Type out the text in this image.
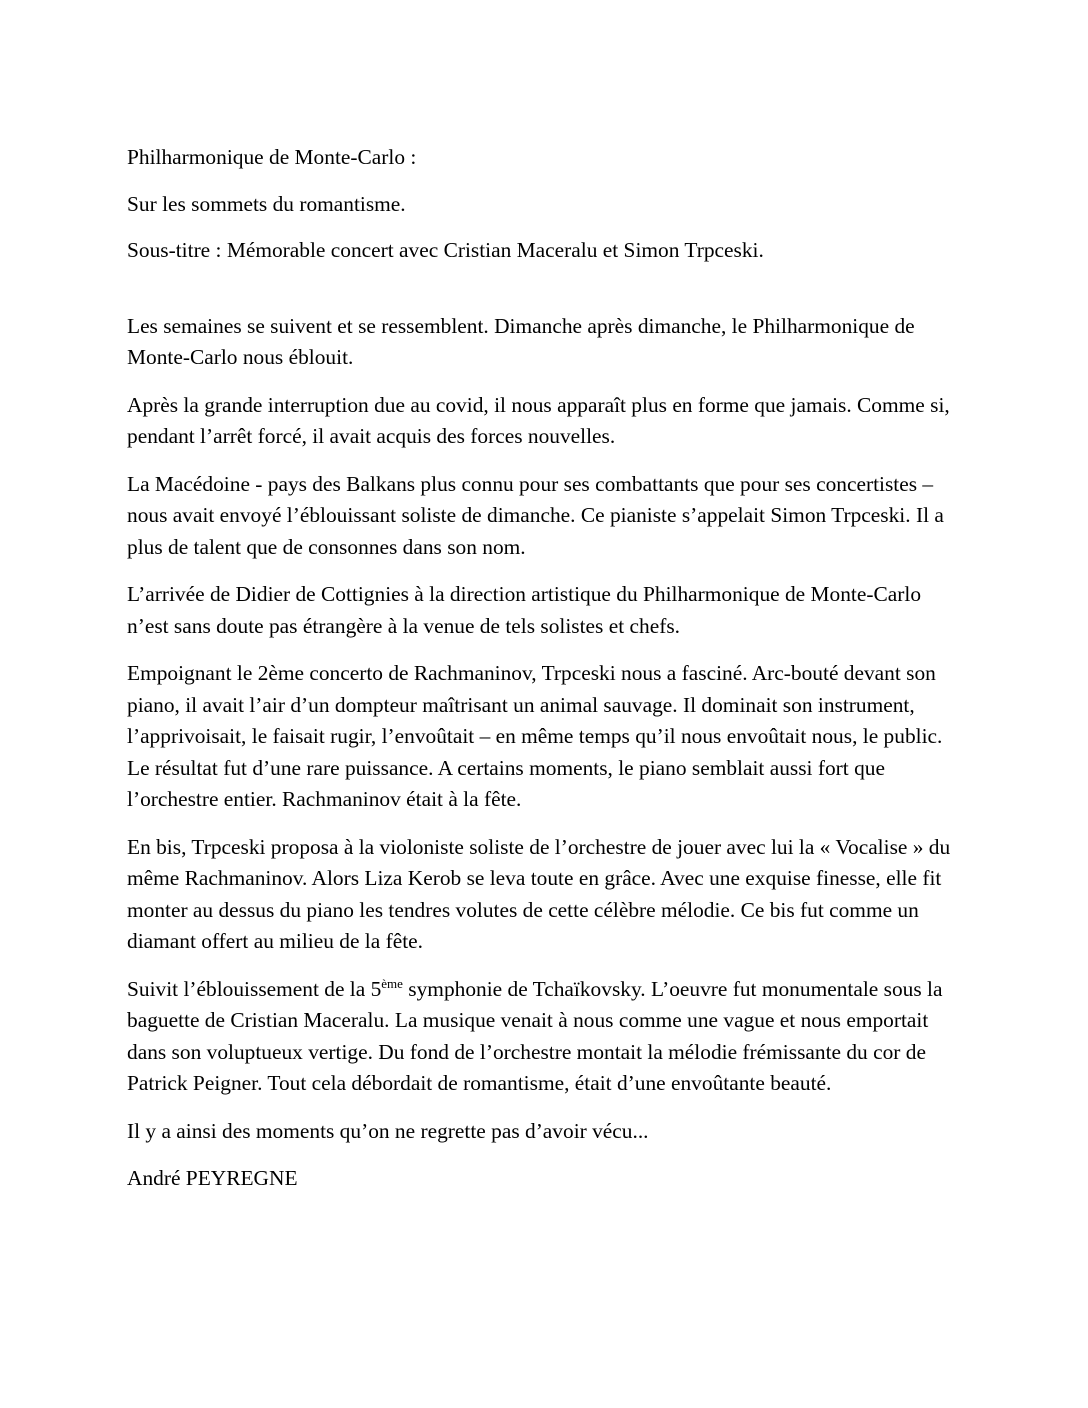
Philharmonique de Monte-Carlo :

Sur les sommets du romantisme.

Sous-titre : Mémorable concert avec Cristian Maceralu et Simon Trpceski.

Les semaines se suivent et se ressemblent. Dimanche après dimanche, le Philharmonique de Monte-Carlo nous éblouit.

Après la grande interruption due au covid, il nous apparaît plus en forme que jamais. Comme si, pendant l’arrêt forcé, il avait acquis des forces nouvelles.

La Macédoine - pays des Balkans plus connu pour ses combattants que pour ses concertistes – nous avait envoyé l’éblouissant soliste de dimanche. Ce pianiste s’appelait Simon Trpceski. Il a plus de talent que de consonnes dans son nom.

L’arrivée de Didier de Cottignies à la direction artistique du Philharmonique de Monte-Carlo n’est sans doute pas étrangère à la venue de tels solistes et chefs.

Empoignant le 2ème concerto de Rachmaninov, Trpceski nous a fasciné. Arc-bouté devant son piano, il avait l’air d’un dompteur maîtrisant un animal sauvage. Il dominait son instrument, l’apprivoisait, le faisait rugir, l’envoûtait – en même temps qu’il nous envoûtait nous, le public. Le résultat fut d’une rare puissance. A certains moments, le piano semblait aussi fort que l’orchestre entier. Rachmaninov était à la fête.

En bis, Trpceski proposa à la violoniste soliste de l’orchestre de jouer avec lui la « Vocalise » du même Rachmaninov. Alors Liza Kerob se leva toute en grâce. Avec une exquise finesse, elle fit monter au dessus du piano les tendres volutes de cette célèbre mélodie. Ce bis fut comme un diamant offert au milieu de la fête.

Suivit l’éblouissement de la 5ème symphonie de Tchaïkovsky. L’oeuvre fut monumentale sous la baguette de Cristian Maceralu. La musique venait à nous comme une vague et nous emportait dans son voluptueux vertige. Du fond de l’orchestre montait la mélodie frémissante du cor de Patrick Peigner. Tout cela débordait de romantisme, était d’une envoûtante beauté.

Il y a ainsi des moments qu’on ne regrette pas d’avoir vécu...

André PEYREGNE
